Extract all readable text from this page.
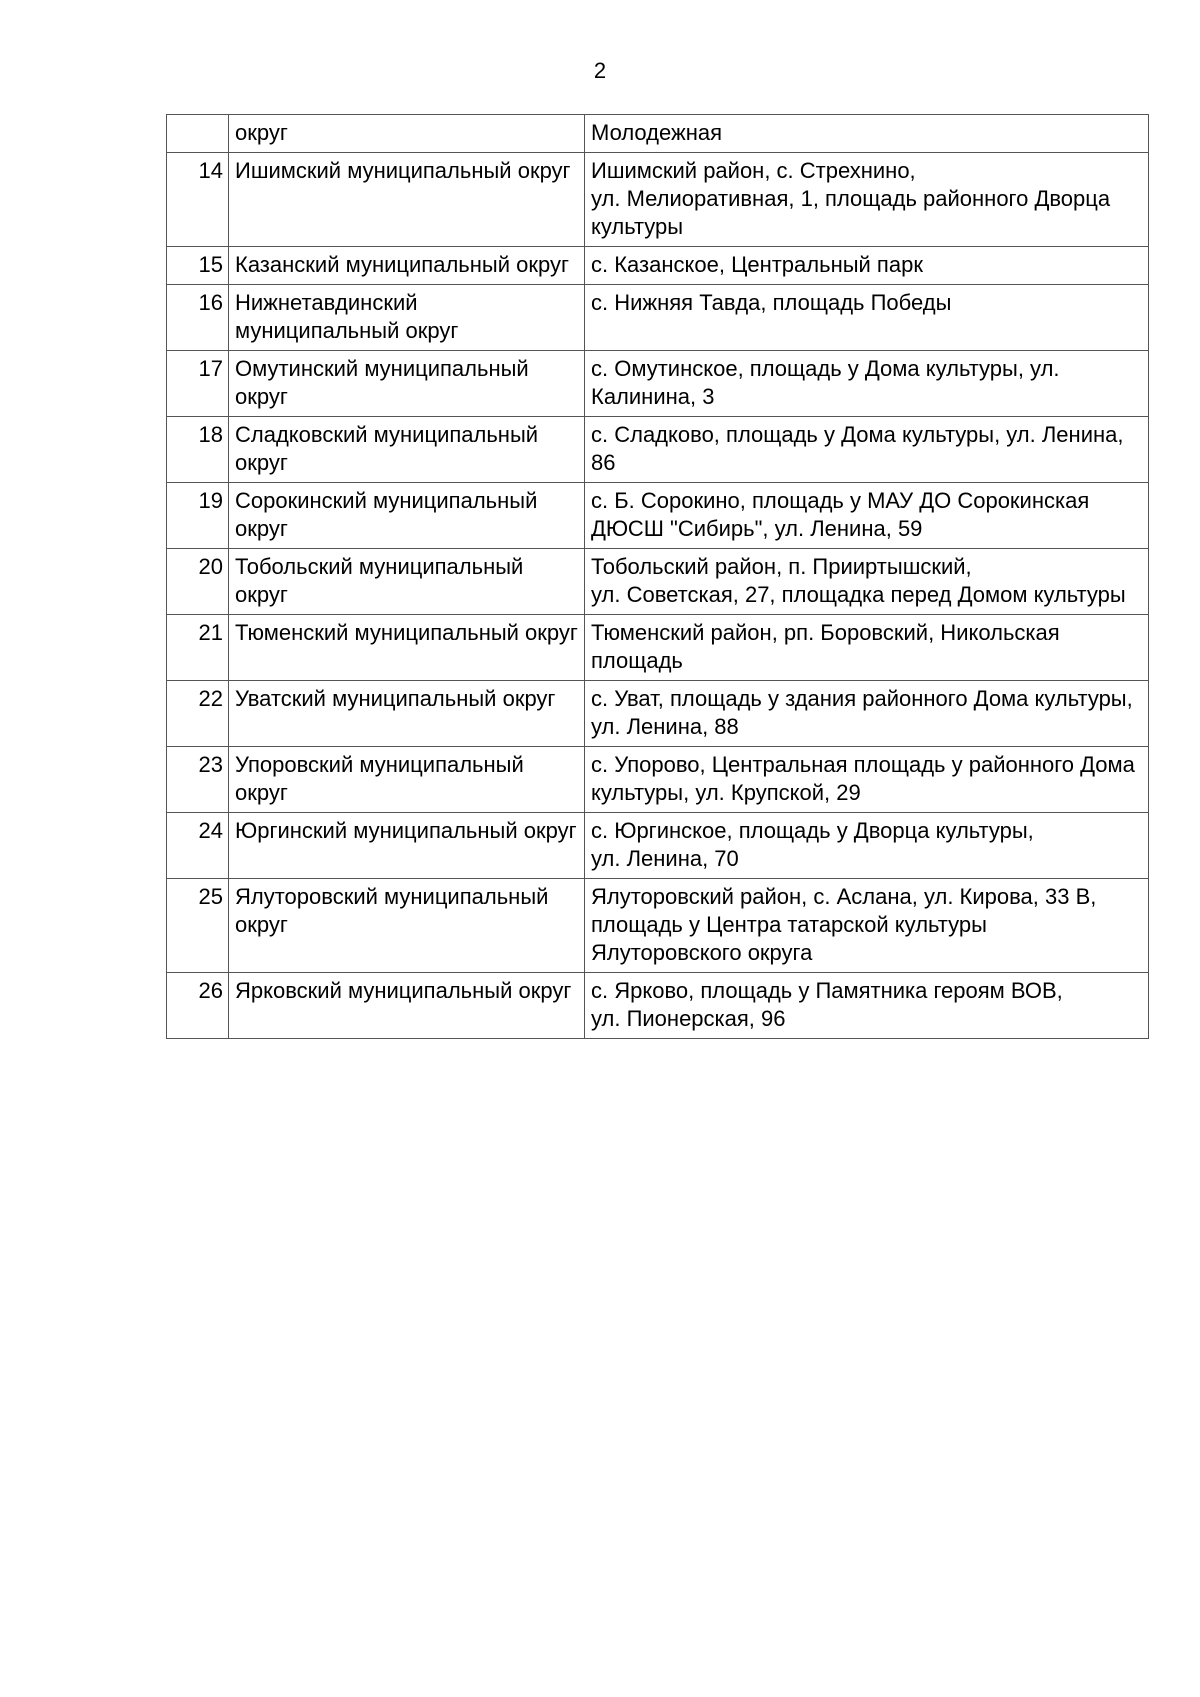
2
	округ	Молодежная
14	Ишимский муниципальный округ	Ишимский район, с. Стрехнино,
ул. Мелиоративная, 1, площадь районного Дворца культуры
15	Казанский муниципальный округ	с. Казанское, Центральный парк
16	Нижнетавдинский муниципальный округ	с. Нижняя Тавда, площадь Победы
17	Омутинский муниципальный округ	с. Омутинское, площадь у Дома культуры, ул. Калинина, 3
18	Сладковский муниципальный округ	с. Сладково, площадь у Дома культуры, ул. Ленина, 86
19	Сорокинский муниципальный округ	с. Б. Сорокино, площадь у МАУ ДО Сорокинская ДЮСШ "Сибирь", ул. Ленина, 59
20	Тобольский муниципальный округ	Тобольский район, п. Прииртышский,
ул. Советская, 27, площадка перед Домом культуры
21	Тюменский муниципальный округ	Тюменский район, рп. Боровский, Никольская площадь
22	Уватский муниципальный округ	с. Уват, площадь у здания районного Дома культуры, ул. Ленина, 88
23	Упоровский муниципальный округ	с. Упорово, Центральная площадь у районного Дома культуры, ул. Крупской, 29
24	Юргинский муниципальный округ	с. Юргинское, площадь у Дворца культуры,
ул. Ленина, 70
25	Ялуторовский муниципальный округ	Ялуторовский район, с. Аслана, ул. Кирова, 33 В, площадь у Центра татарской культуры Ялуторовского округа
26	Ярковский муниципальный округ	с. Ярково, площадь у Памятника героям ВОВ,
ул. Пионерская, 96
